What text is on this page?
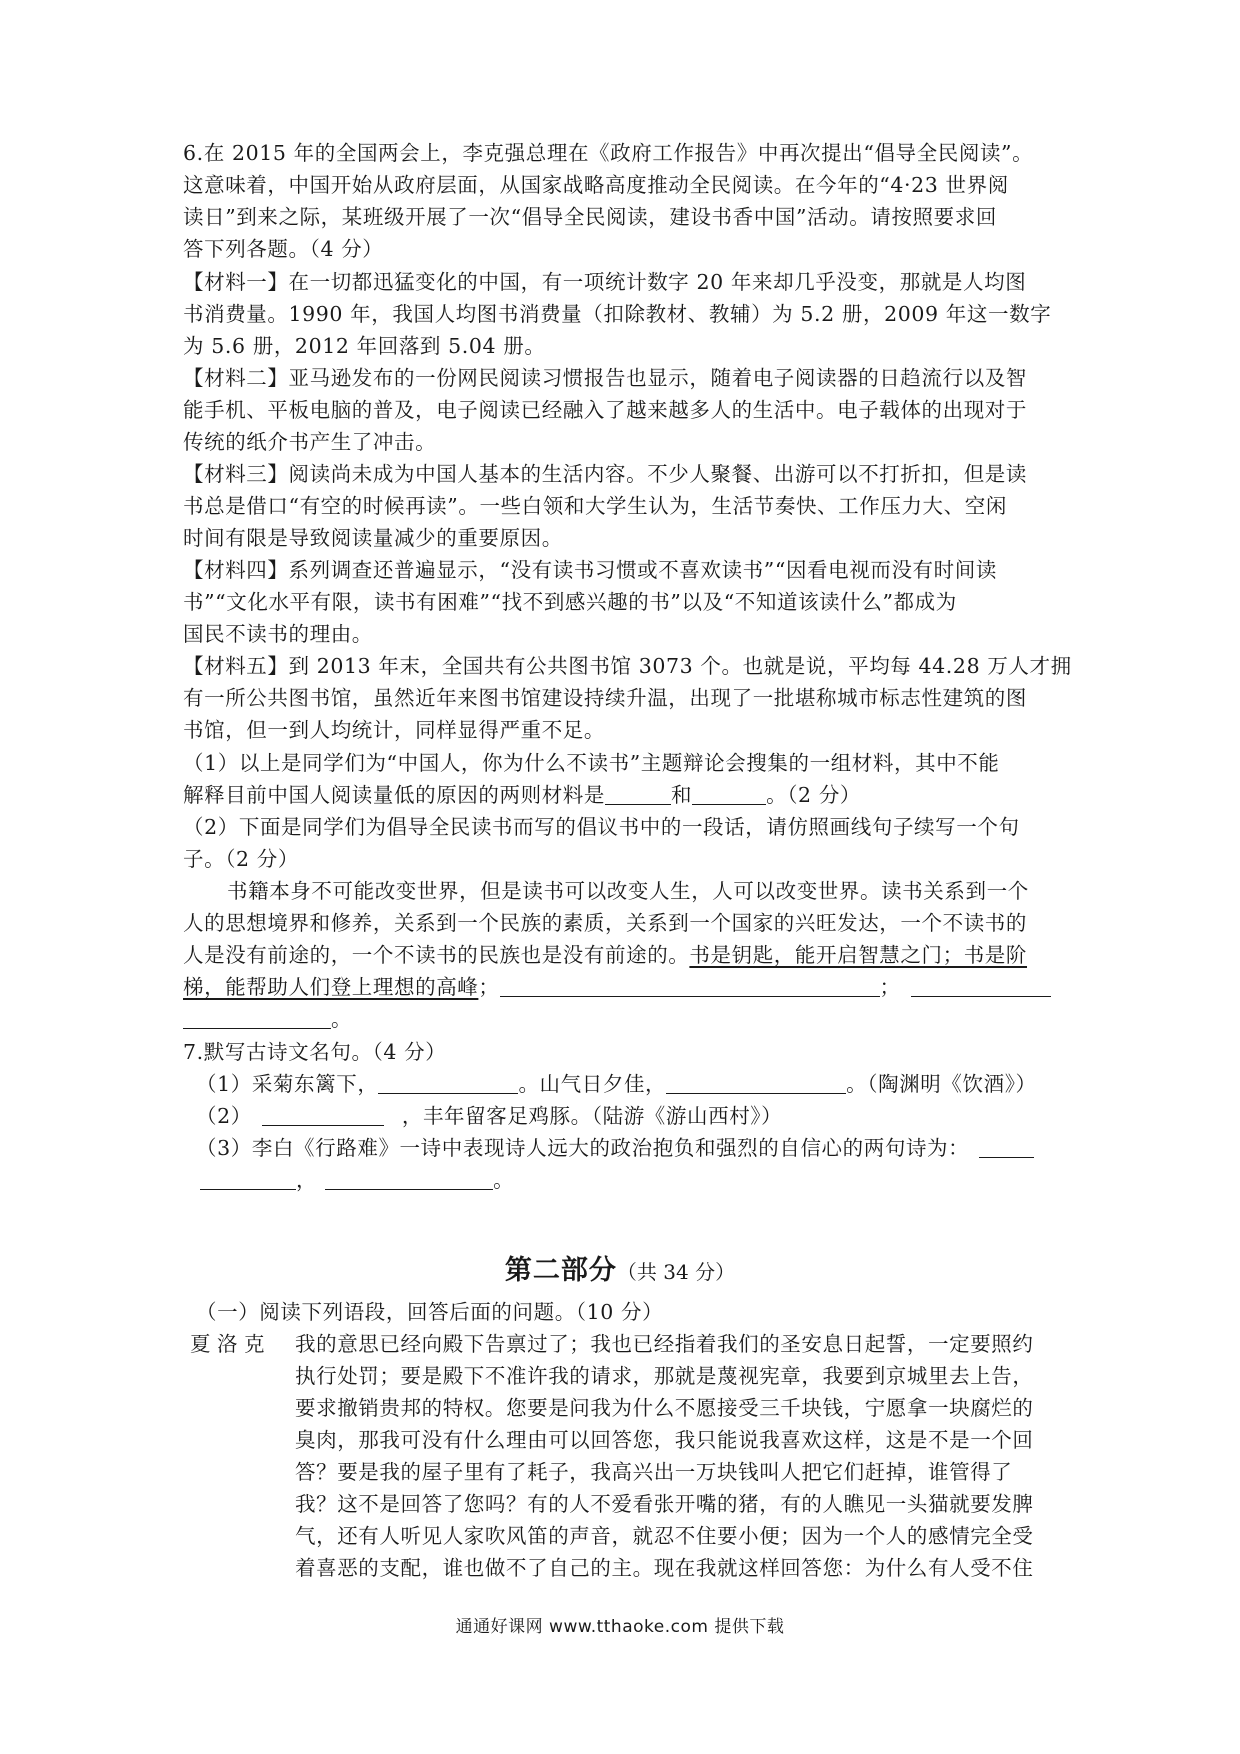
6.在 2015 年的全国两会上，李克强总理在《政府工作报告》中再次提出“倡导全民阅读”。
这意味着，中国开始从政府层面，从国家战略高度推动全民阅读。在今年的“4·23 世界阅
读日”到来之际，某班级开展了一次“倡导全民阅读，建设书香中国”活动。请按照要求回
答下列各题。（4 分）
【材料一】在一切都迅猛变化的中国，有一项统计数字 20 年来却几乎没变，那就是人均图
书消费量。1990 年，我国人均图书消费量（扣除教材、教辅）为 5.2 册，2009 年这一数字
为 5.6 册，2012 年回落到 5.04 册。
【材料二】亚马逊发布的一份网民阅读习惯报告也显示，随着电子阅读器的日趋流行以及智
能手机、平板电脑的普及，电子阅读已经融入了越来越多人的生活中。电子载体的出现对于
传统的纸介书产生了冲击。
【材料三】阅读尚未成为中国人基本的生活内容。不少人聚餐、出游可以不打折扣，但是读
书总是借口“有空的时候再读”。一些白领和大学生认为，生活节奏快、工作压力大、空闲
时间有限是导致阅读量减少的重要原因。
【材料四】系列调查还普遍显示，“没有读书习惯或不喜欢读书”“因看电视而没有时间读
书”“文化水平有限，读书有困难”“找不到感兴趣的书”以及“不知道该读什么”都成为
国民不读书的理由。
【材料五】到 2013 年末，全国共有公共图书馆 3073 个。也就是说，平均每 44.28 万人才拥
有一所公共图书馆，虽然近年来图书馆建设持续升温，出现了一批堪称城市标志性建筑的图
书馆，但一到人均统计，同样显得严重不足。
（1）以上是同学们为“中国人，你为什么不读书”主题辩论会搜集的一组材料，其中不能
解释目前中国人阅读量低的原因的两则材料是	和	。（2 分）
（2）下面是同学们为倡导全民读书而写的倡议书中的一段话，请仿照画线句子续写一个句
子。（2 分）
书籍本身不可能改变世界，但是读书可以改变人生，人可以改变世界。读书关系到一个
人的思想境界和修养，关系到一个民族的素质，关系到一个国家的兴旺发达，一个不读书的
人是没有前途的，一个不读书的民族也是没有前途的。书是钥匙，能开启智慧之门；书是阶
梯，能帮助人们登上理想的高峰；	；
。
7.默写古诗文名句。（4 分）
（1）采菊东篱下，	。山气日夕佳，	。（陶渊明《饮酒》）
（2）	，丰年留客足鸡豚。（陆游《游山西村》）
（3）李白《行路难》一诗中表现诗人远大的政治抱负和强烈的自信心的两句诗为：
，	。
第二部分（共 34 分）
（一）阅读下列语段，回答后面的问题。（10 分）
夏 洛 克 我的意思已经向殿下告禀过了；我也已经指着我们的圣安息日起誓，一定要照约
执行处罚；要是殿下不准许我的请求，那就是蔑视宪章，我要到京城里去上告，
要求撤销贵邦的特权。您要是问我为什么不愿接受三千块钱，宁愿拿一块腐烂的
臭肉，那我可没有什么理由可以回答您，我只能说我喜欢这样，这是不是一个回
答？要是我的屋子里有了耗子，我高兴出一万块钱叫人把它们赶掉，谁管得了
我？这不是回答了您吗？有的人不爱看张开嘴的猪，有的人瞧见一头猫就要发脾
气，还有人听见人家吹风笛的声音，就忍不住要小便；因为一个人的感情完全受
着喜恶的支配，谁也做不了自己的主。现在我就这样回答您：为什么有人受不住
通通好课网 www.tthaoke.com 提供下载
